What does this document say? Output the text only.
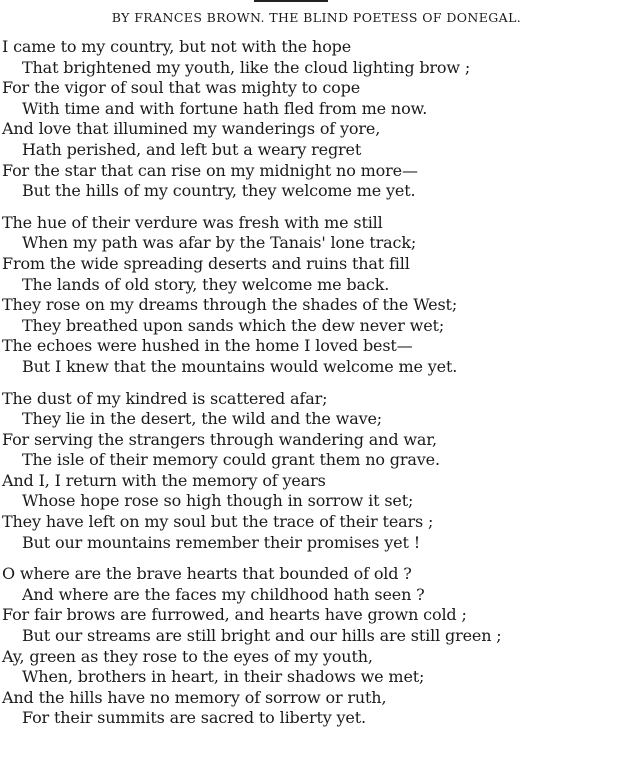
BY FRANCES BROWN. THE BLIND POETESS OF DONEGAL.
I came to my country, but not with the hope
That brightened my youth, like the cloud lighting brow ;
For the vigor of soul that was mighty to cope
With time and with fortune hath fled from me now.
And love that illumined my wanderings of yore,
Hath perished, and left but a weary regret
For the star that can rise on my midnight no more—
But the hills of my country, they welcome me yet.
The hue of their verdure was fresh with me still
When my path was afar by the Tanais' lone track;
From the wide spreading deserts and ruins that fill
The lands of old story, they welcome me back.
They rose on my dreams through the shades of the West;
They breathed upon sands which the dew never wet;
The echoes were hushed in the home I loved best—
But I knew that the mountains would welcome me yet.
The dust of my kindred is scattered afar;
They lie in the desert, the wild and the wave;
For serving the strangers through wandering and war,
The isle of their memory could grant them no grave.
And I, I return with the memory of years
Whose hope rose so high though in sorrow it set;
They have left on my soul but the trace of their tears ;
But our mountains remember their promises yet !
O where are the brave hearts that bounded of old ?
And where are the faces my childhood hath seen ?
For fair brows are furrowed, and hearts have grown cold ;
But our streams are still bright and our hills are still green ;
Ay, green as they rose to the eyes of my youth,
When, brothers in heart, in their shadows we met;
And the hills have no memory of sorrow or ruth,
For their summits are sacred to liberty yet.
